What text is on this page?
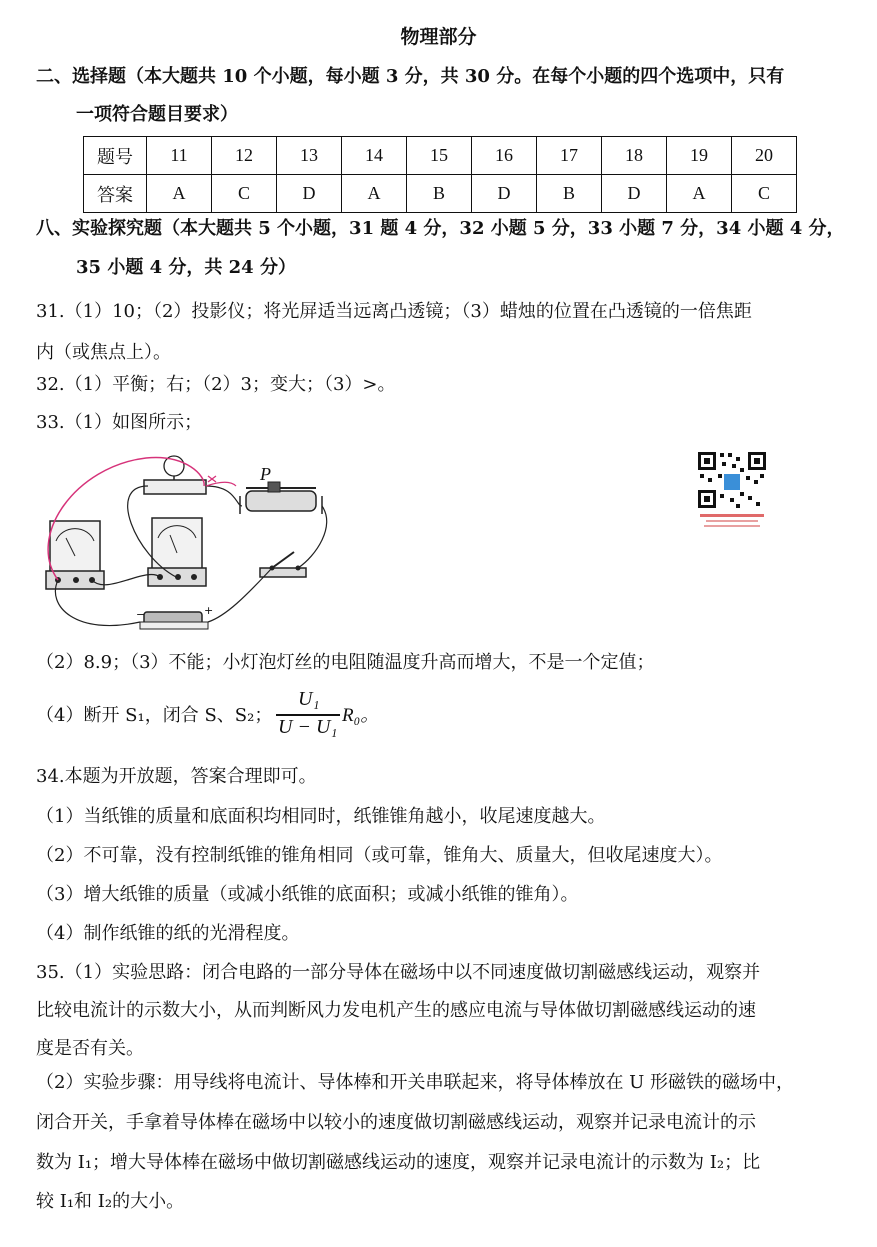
物理部分
二、选择题（本大题共 10 个小题，每小题 3 分，共 30 分。在每个小题的四个选项中，只有
一项符合题目要求）
题号	11	12	13	14	15	16	17	18	19	20
答案	A	C	D	A	B	D	B	D	A	C
八、实验探究题（本大题共 5 个小题，31 题 4 分，32 小题 5 分，33 小题 7 分，34 小题 4 分，
35 小题 4 分，共 24 分）
31.（1）10；（2）投影仪；将光屏适当远离凸透镜；（3）蜡烛的位置在凸透镜的一倍焦距
内（或焦点上）。
32.（1）平衡；右；（2）3；变大；（3）>。
33.（1）如图所示；
P
−	+
（2）8.9；（3）不能；小灯泡灯丝的电阻随温度升高而增大，不是一个定值；
（4）断开 S₁，闭合 S、S₂；
U₁
U − U₁
R₀。
34.本题为开放题，答案合理即可。
（1）当纸锥的质量和底面积均相同时，纸锥锥角越小，收尾速度越大。
（2）不可靠，没有控制纸锥的锥角相同（或可靠，锥角大、质量大，但收尾速度大）。
（3）增大纸锥的质量（或减小纸锥的底面积；或减小纸锥的锥角）。
（4）制作纸锥的纸的光滑程度。
35.（1）实验思路：闭合电路的一部分导体在磁场中以不同速度做切割磁感线运动，观察并
比较电流计的示数大小，从而判断风力发电机产生的感应电流与导体做切割磁感线运动的速
度是否有关。
（2）实验步骤：用导线将电流计、导体棒和开关串联起来，将导体棒放在 U 形磁铁的磁场中，
闭合开关，手拿着导体棒在磁场中以较小的速度做切割磁感线运动，观察并记录电流计的示
数为 I₁；增大导体棒在磁场中做切割磁感线运动的速度，观察并记录电流计的示数为 I₂；比
较 I₁和 I₂的大小。
